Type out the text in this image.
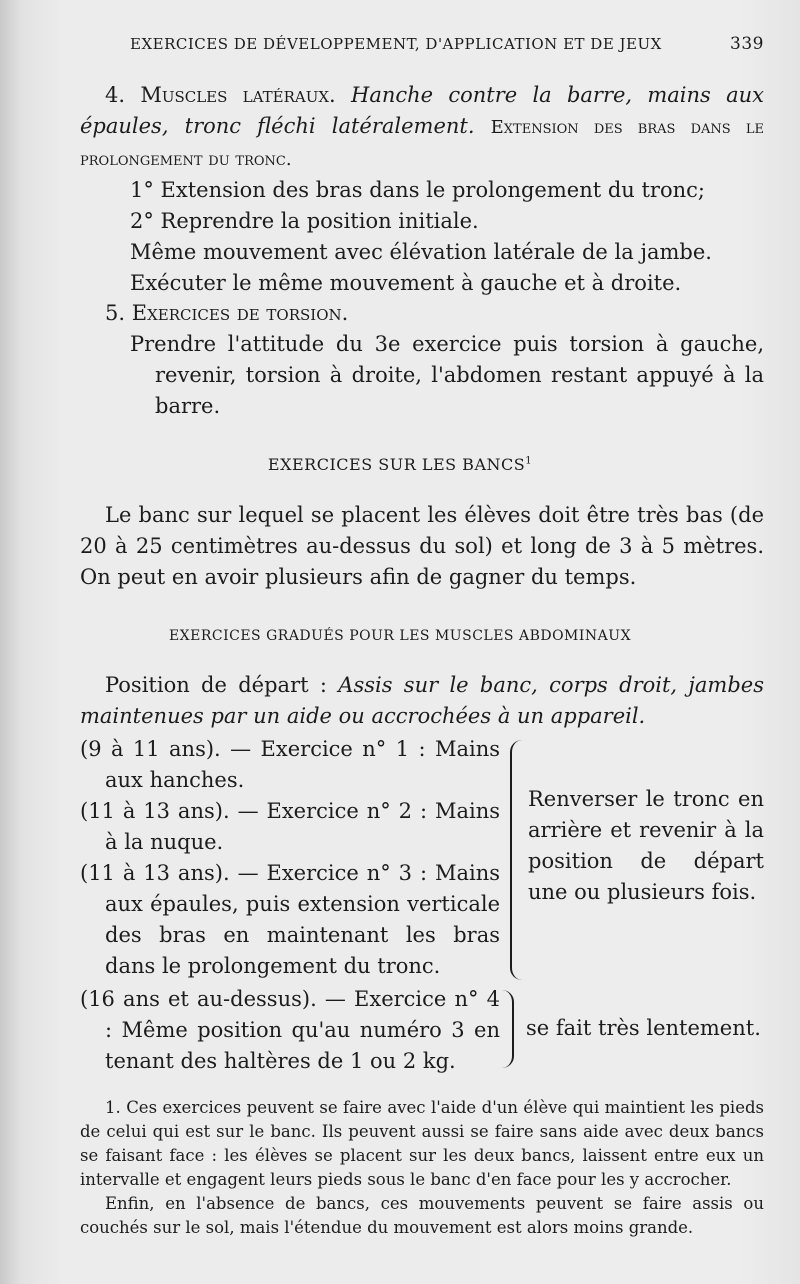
EXERCICES DE DÉVELOPPEMENT, D'APPLICATION ET DE JEUX	339
4. Muscles latéraux. Hanche contre la barre, mains aux épaules, tronc fléchi latéralement. Extension des bras dans le prolongement du tronc.
1° Extension des bras dans le prolongement du tronc;
2° Reprendre la position initiale.
Même mouvement avec élévation latérale de la jambe.
Exécuter le même mouvement à gauche et à droite.
5. Exercices de torsion.
Prendre l'attitude du 3e exercice puis torsion à gauche, revenir, torsion à droite, l'abdomen restant appuyé à la barre.
EXERCICES SUR LES BANCS$^1$
Le banc sur lequel se placent les élèves doit être très bas (de 20 à 25 centimètres au-dessus du sol) et long de 3 à 5 mètres. On peut en avoir plusieurs afin de gagner du temps.
EXERCICES GRADUÉS POUR LES MUSCLES ABDOMINAUX
Position de départ : Assis sur le banc, corps droit, jambes maintenues par un aide ou accrochées à un appareil.
(9 à 11 ans). — Exercice n° 1 : Mains aux hanches.
(11 à 13 ans). — Exercice n° 2 : Mains à la nuque.
(11 à 13 ans). — Exercice n° 3 : Mains aux épaules, puis extension verticale des bras en maintenant les bras dans le prolongement du tronc.
Renverser le tronc en arrière et revenir à la position de départ une ou plusieurs fois.
(16 ans et au-dessus). — Exercice n° 4 : Même position qu'au numéro 3 en tenant des haltères de 1 ou 2 kg.
se fait très lentement.
1. Ces exercices peuvent se faire avec l'aide d'un élève qui maintient les pieds de celui qui est sur le banc. Ils peuvent aussi se faire sans aide avec deux bancs se faisant face : les élèves se placent sur les deux bancs, laissent entre eux un intervalle et engagent leurs pieds sous le banc d'en face pour les y accrocher.
Enfin, en l'absence de bancs, ces mouvements peuvent se faire assis ou couchés sur le sol, mais l'étendue du mouvement est alors moins grande.
